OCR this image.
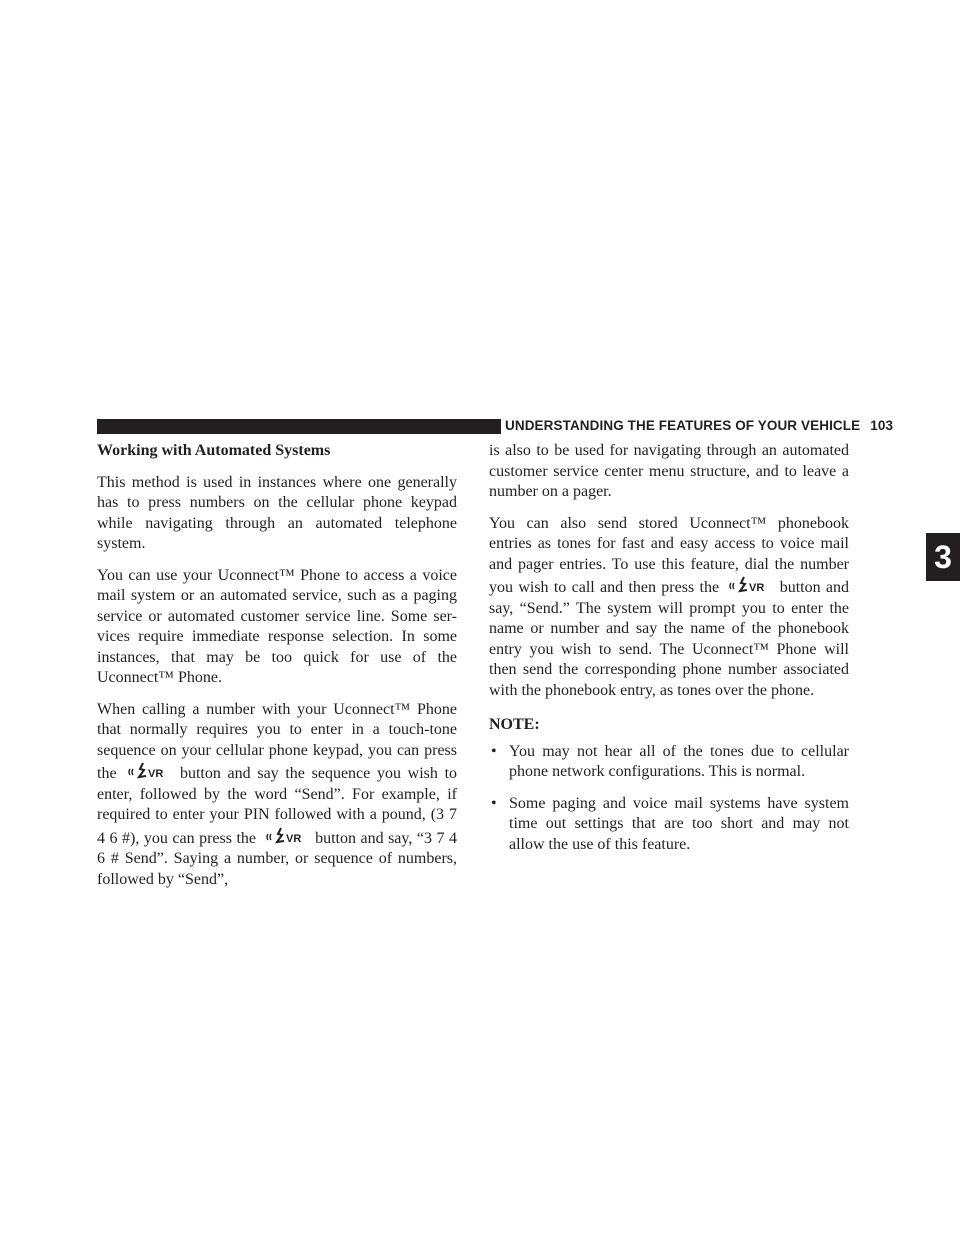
UNDERSTANDING THE FEATURES OF YOUR VEHICLE 103
3

Working with Automated Systems

This method is used in instances where one generally has to press numbers on the cellular phone keypad while navigating through an automated telephone system.

You can use your Uconnect™ Phone to access a voice mail system or an automated service, such as a paging service or automated customer service line. Some ser- vices require immediate response selection. In some instances, that may be too quick for use of the Uconnect™ Phone.

When calling a number with your Uconnect™ Phone that normally requires you to enter in a touch-tone sequence on your cellular phone keypad, you can press the	VR button and say the sequence you wish to enter, followed by the word “Send”. For example, if required to enter your PIN followed with a pound, (3 7 4 6 #), you can press the	VR button and say, “3 7 4 6 # Send”. Saying a number, or sequence of numbers, followed by “Send”,

is also to be used for navigating through an automated customer service center menu structure, and to leave a number on a pager.

You can also send stored Uconnect™ phonebook entries as tones for fast and easy access to voice mail and pager entries. To use this feature, dial the number you wish to call and then press the	VR button and say, “Send.” The system will prompt you to enter the name or number and say the name of the phonebook entry you wish to send. The Uconnect™ Phone will then send the corresponding phone number associated with the phonebook entry, as tones over the phone.

NOTE:

• You may not hear all of the tones due to cellular phone network configurations. This is normal.
• Some paging and voice mail systems have system time out settings that are too short and may not allow the use of this feature.
